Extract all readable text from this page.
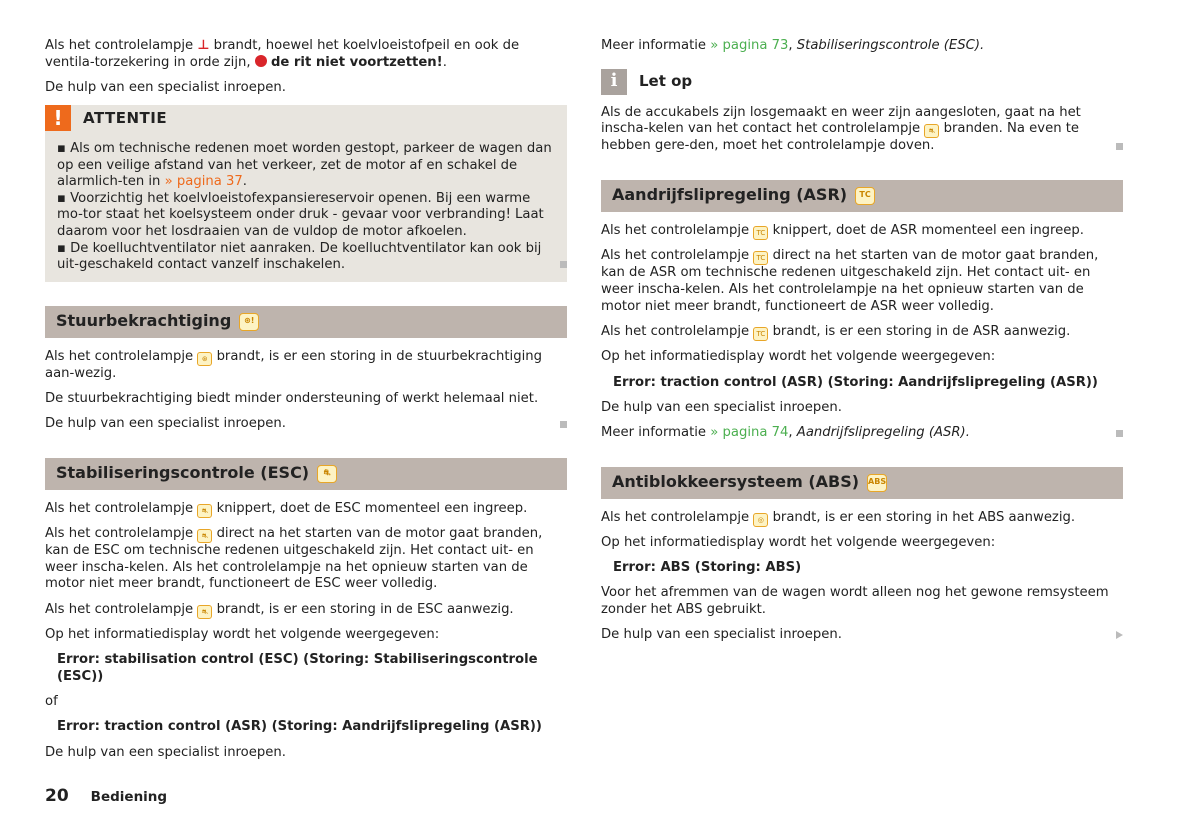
Als het controlelampje ⊥ brandt, hoewel het koelvloeistofpeil en ook de ventila-torzekering in orde zijn, de rit niet voortzetten!.

De hulp van een specialist inroepen.

!	ATTENTIE

▪ Als om technische redenen moet worden gestopt, parkeer de wagen dan op een veilige afstand van het verkeer, zet de motor af en schakel de alarmlich-ten in » pagina 37.

▪ Voorzichtig het koelvloeistofexpansiereservoir openen. Bij een warme mo-tor staat het koelsysteem onder druk - gevaar voor verbranding! Laat daarom voor het losdraaien van de vuldop de motor afkoelen.

▪ De koelluchtventilator niet aanraken. De koelluchtventilator kan ook bij uit-geschakeld contact vanzelf inschakelen.

Stuurbekrachtiging	⊛!

Als het controlelampje ⊛ brandt, is er een storing in de stuurbekrachtiging aan-wezig.

De stuurbekrachtiging biedt minder ondersteuning of werkt helemaal niet.

De hulp van een specialist inroepen.

Stabiliseringscontrole (ESC)	⛐

Als het controlelampje ⛐ knippert, doet de ESC momenteel een ingreep.

Als het controlelampje ⛐ direct na het starten van de motor gaat branden, kan de ESC om technische redenen uitgeschakeld zijn. Het contact uit- en weer inscha-kelen. Als het controlelampje na het opnieuw starten van de motor niet meer brandt, functioneert de ESC weer volledig.

Als het controlelampje ⛐ brandt, is er een storing in de ESC aanwezig.

Op het informatiedisplay wordt het volgende weergegeven:

Error: stabilisation control (ESC) (Storing: Stabiliseringscontrole (ESC))

of

Error: traction control (ASR) (Storing: Aandrijfslipregeling (ASR))

De hulp van een specialist inroepen.

Meer informatie » pagina 73, Stabiliseringscontrole (ESC).

i	Let op

Als de accukabels zijn losgemaakt en weer zijn aangesloten, gaat na het inscha-kelen van het contact het controlelampje ⛐ branden. Na even te hebben gere-den, moet het controlelampje doven.

Aandrijfslipregeling (ASR)	TC

Als het controlelampje TC knippert, doet de ASR momenteel een ingreep.

Als het controlelampje TC direct na het starten van de motor gaat branden, kan de ASR om technische redenen uitgeschakeld zijn. Het contact uit- en weer inscha-kelen. Als het controlelampje na het opnieuw starten van de motor niet meer brandt, functioneert de ASR weer volledig.

Als het controlelampje TC brandt, is er een storing in de ASR aanwezig.

Op het informatiedisplay wordt het volgende weergegeven:

Error: traction control (ASR) (Storing: Aandrijfslipregeling (ASR))

De hulp van een specialist inroepen.

Meer informatie » pagina 74, Aandrijfslipregeling (ASR).

Antiblokkeersysteem (ABS) ABS

Als het controlelampje ◎ brandt, is er een storing in het ABS aanwezig.

Op het informatiedisplay wordt het volgende weergegeven:

Error: ABS (Storing: ABS)

Voor het afremmen van de wagen wordt alleen nog het gewone remsysteem zonder het ABS gebruikt.

De hulp van een specialist inroepen.

20 Bediening
